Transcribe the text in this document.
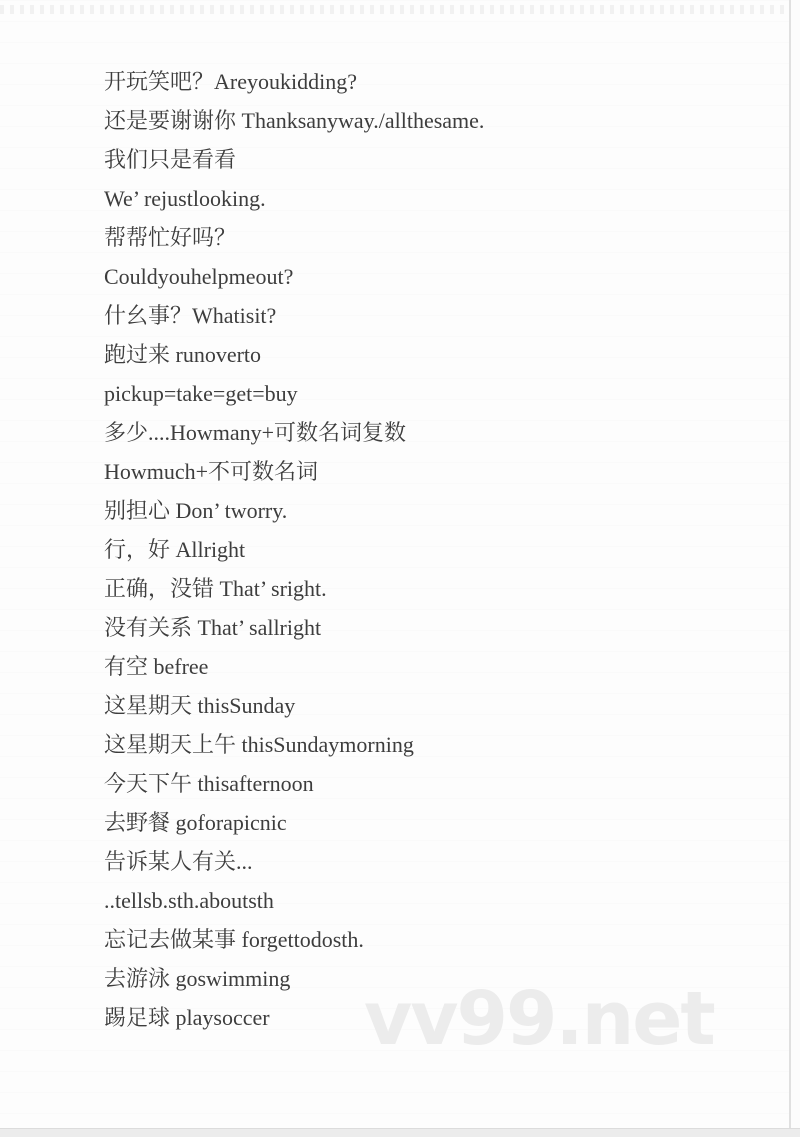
开玩笑吧？Areyoukidding?
还是要谢谢你 Thanksanyway./allthesame.
我们只是看看
We’ rejustlooking.
帮帮忙好吗？
Couldyouhelpmeout?
什幺事？Whatisit?
跑过来 runoverto
pickup=take=get=buy
多少....Howmany+可数名词复数
Howmuch+不可数名词
别担心 Don’ tworry.
行，好 Allright
正确，没错 That’ sright.
没有关系 That’ sallright
有空 befree
这星期天 thisSunday
这星期天上午 thisSundaymorning
今天下午 thisafternoon
去野餐 goforapicnic
告诉某人有关...
..tellsb.sth.aboutsth
忘记去做某事 forgettodosth.
去游泳 goswimming
踢足球 playsoccer	vv99.net
